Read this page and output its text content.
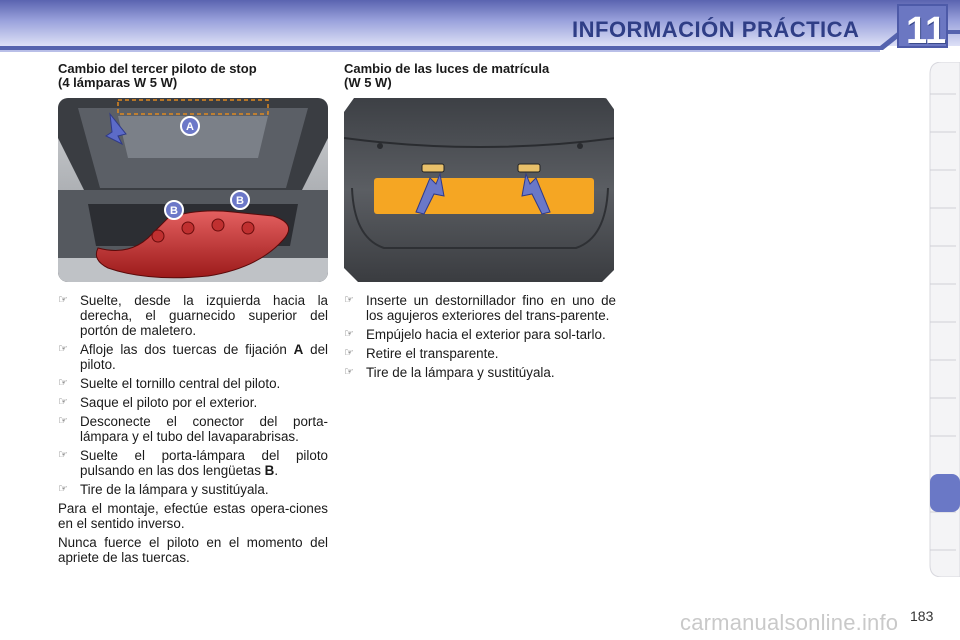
INFORMACIÓN PRÁCTICA 11
Cambio del tercer piloto de stop
(4 lámparas W 5 W)
A
B
B
☞ Suelte, desde la izquierda hacia la derecha, el guarnecido superior del portón de maletero.
☞ Afloje las dos tuercas de fijación A del piloto.
☞ Suelte el tornillo central del piloto.
☞ Saque el piloto por el exterior.
☞ Desconecte el conector del porta-lámpara y el tubo del lavaparabrisas.
☞ Suelte el porta-lámpara del piloto pulsando en las dos lengüetas B.
☞ Tire de la lámpara y sustitúyala.

Para el montaje, efectúe estas opera-ciones en el sentido inverso.

Nunca fuerce el piloto en el momento del apriete de las tuercas.

Cambio de las luces de matrícula
(W 5 W)
☞ Inserte un destornillador fino en uno de los agujeros exteriores del trans-parente.
☞ Empújelo hacia el exterior para sol-tarlo.
☞ Retire el transparente.
☞ Tire de la lámpara y sustitúyala.
carmanualsonline.info 183
